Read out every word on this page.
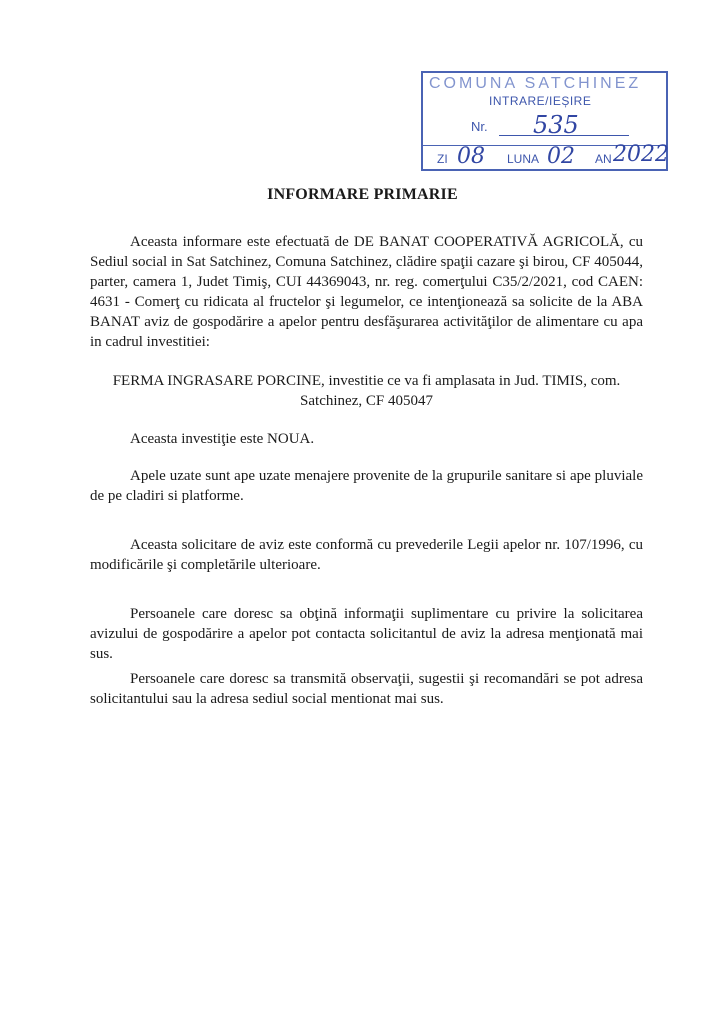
COMUNA SATCHINEZ
INTRARE/IEȘIRE
Nr. 535
ZI 08 LUNA 02 AN 2022
INFORMARE PRIMARIE

Aceasta informare este efectuată de DE BANAT COOPERATIVĂ AGRICOLĂ, cu Sediul social in Sat Satchinez, Comuna Satchinez, clădire spaţii cazare şi birou, CF 405044, parter, camera 1, Judet Timiş, CUI 44369043, nr. reg. comerţului C35/2/2021, cod CAEN: 4631 - Comerţ cu ridicata al fructelor şi legumelor, ce intenţionează sa solicite de la ABA BANAT aviz de gospodărire a apelor pentru desfăşurarea activităţilor de alimentare cu apa in cadrul investitiei:

FERMA INGRASARE PORCINE, investitie ce va fi amplasata in Jud. TIMIS, com. Satchinez, CF 405047

Aceasta investiţie este NOUA.

Apele uzate sunt ape uzate menajere provenite de la grupurile sanitare si ape pluviale de pe cladiri si platforme.

Aceasta solicitare de aviz este conformă cu prevederile Legii apelor nr. 107/1996, cu modificările şi completările ulterioare.

Persoanele care doresc sa obţină informaţii suplimentare cu privire la solicitarea avizului de gospodărire a apelor pot contacta solicitantul de aviz la adresa menţionată mai sus.

Persoanele care doresc sa transmită observaţii, sugestii şi recomandări se pot adresa solicitantului sau la adresa sediul social mentionat mai sus.
